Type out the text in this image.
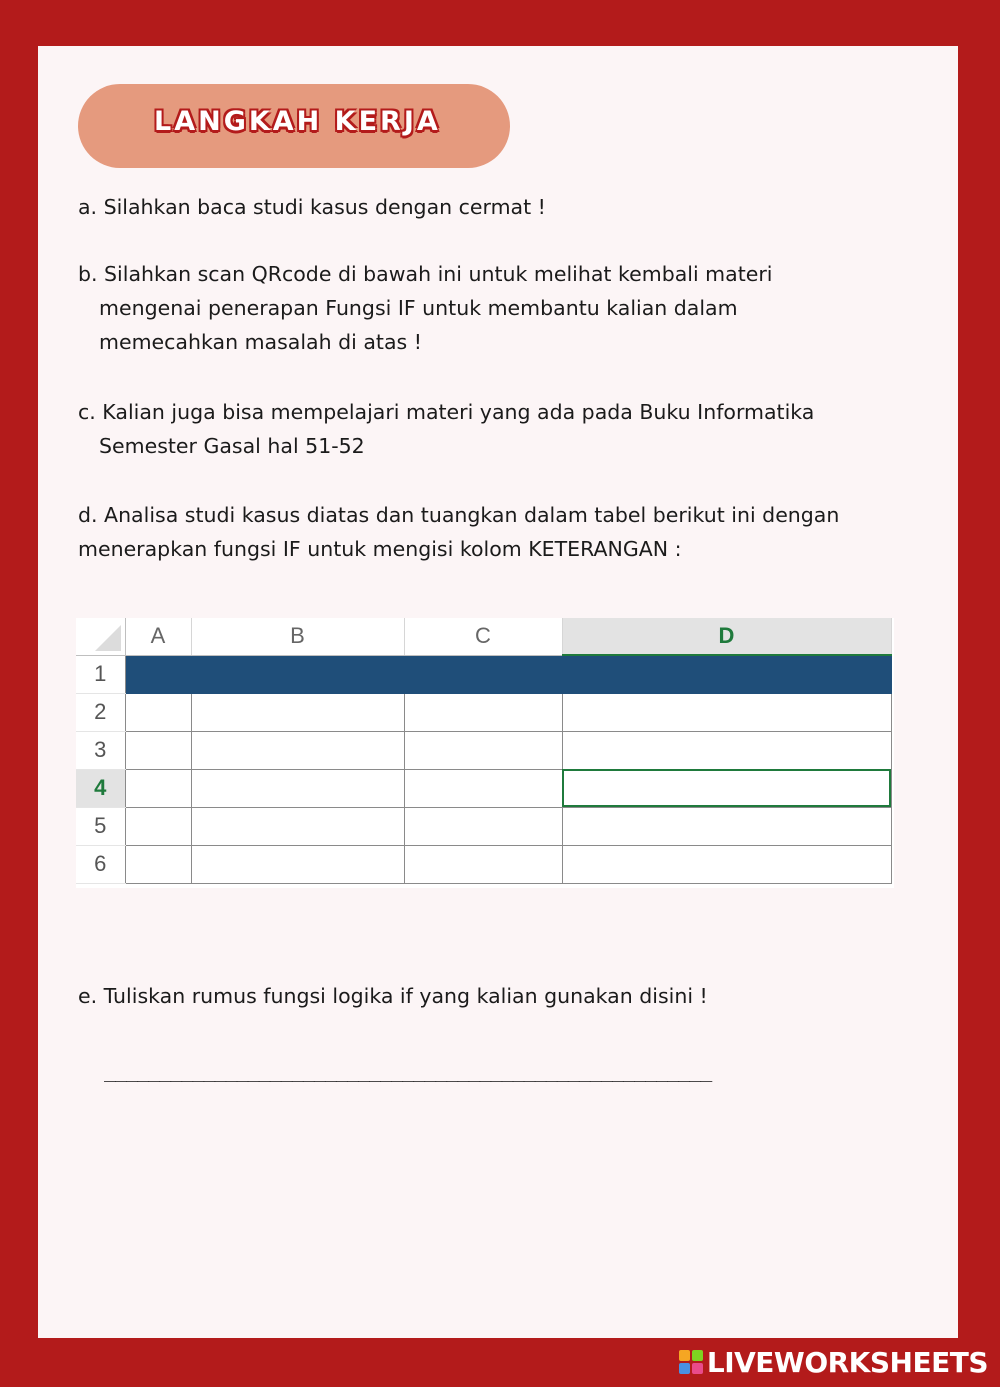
LANGKAH KERJA

a. Silahkan baca studi kasus dengan cermat !

b. Silahkan scan QRcode di bawah ini untuk melihat kembali materi
mengenai penerapan Fungsi IF untuk membantu kalian dalam
memecahkan masalah di atas !

c. Kalian juga bisa mempelajari materi yang ada pada Buku Informatika
Semester Gasal hal 51-52

d. Analisa studi kasus diatas dan tuangkan dalam tabel berikut ini dengan
menerapkan fungsi IF untuk mengisi kolom KETERANGAN :

	A	B	C	D
1				
2				
3				
4				
5				
6				

e. Tuliskan rumus fungsi logika if yang kalian gunakan disini !

_______________________________________________________
LIVEWORKSHEETS
